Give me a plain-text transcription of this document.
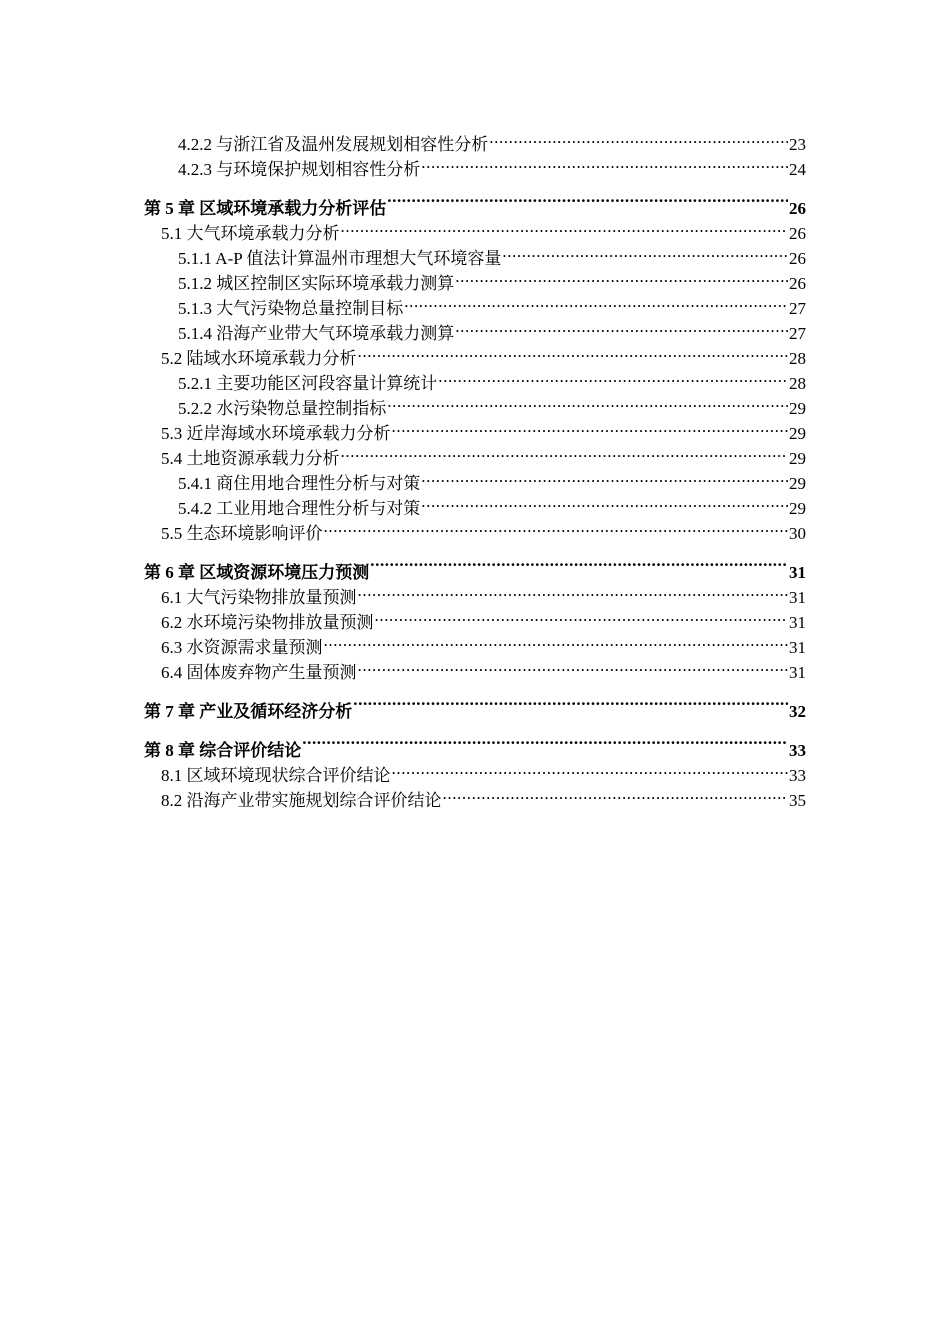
4.2.2 与浙江省及温州发展规划相容性分析 .....	23
4.2.3 与环境保护规划相容性分析 .....	24
第 5 章 区域环境承载力分析评估 .....	26
5.1 大气环境承载力分析 .....	26
5.1.1 A-P 值法计算温州市理想大气环境容量 .....	26
5.1.2 城区控制区实际环境承载力测算 .....	26
5.1.3 大气污染物总量控制目标 .....	27
5.1.4 沿海产业带大气环境承载力测算 .....	27
5.2 陆域水环境承载力分析 .....	28
5.2.1 主要功能区河段容量计算统计 .....	28
5.2.2 水污染物总量控制指标 .....	29
5.3 近岸海域水环境承载力分析 .....	29
5.4 土地资源承载力分析 .....	29
5.4.1 商住用地合理性分析与对策 .....	29
5.4.2 工业用地合理性分析与对策 .....	29
5.5 生态环境影响评价 .....	30
第 6 章 区域资源环境压力预测 .....	31
6.1 大气污染物排放量预测 .....	31
6.2 水环境污染物排放量预测 .....	31
6.3 水资源需求量预测 .....	31
6.4 固体废弃物产生量预测 .....	31
第 7 章 产业及循环经济分析 .....	32
第 8 章 综合评价结论 .....	33
8.1 区域环境现状综合评价结论 .....	33
8.2 沿海产业带实施规划综合评价结论 .....	35
